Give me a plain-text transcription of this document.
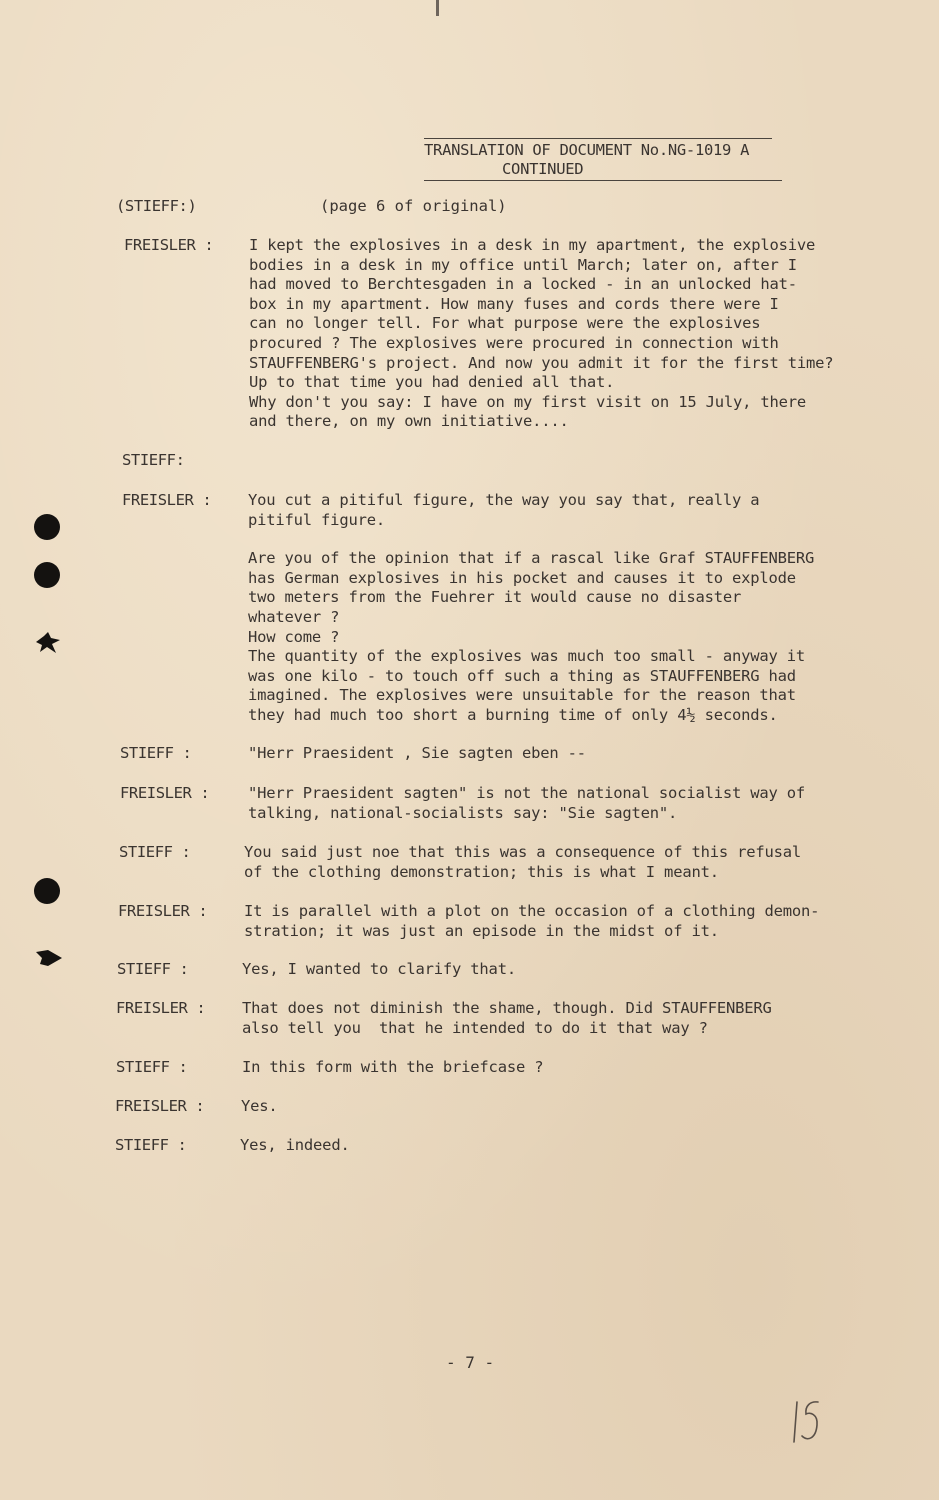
TRANSLATION OF DOCUMENT No.NG-1019 A
CONTINUED
(STIEFF:)	(page 6 of original)
FREISLER :	I kept the explosives in a desk in my apartment, the explosive
bodies in a desk in my office until March; later on, after I
had moved to Berchtesgaden in a locked - in an unlocked hat-
box in my apartment. How many fuses and cords there were I
can no longer tell. For what purpose were the explosives
procured ? The explosives were procured in connection with
STAUFFENBERG's project. And now you admit it for the first time?
Up to that time you had denied all that.
Why don't you say: I have on my first visit on 15 July, there
and there, on my own initiative....

STIEFF:
FREISLER :	You cut a pitiful figure, the way you say that, really a
pitiful figure.

Are you of the opinion that if a rascal like Graf STAUFFENBERG
has German explosives in his pocket and causes it to explode
two meters from the Fuehrer it would cause no disaster
whatever ?
How come ?
The quantity of the explosives was much too small - anyway it
was one kilo - to touch off such a thing as STAUFFENBERG had
imagined. The explosives were unsuitable for the reason that
they had much too short a burning time of only 4½ seconds.

STIEFF :	"Herr Praesident , Sie sagten eben --

FREISLER :	"Herr Praesident sagten" is not the national socialist way of
talking, national-socialists say: "Sie sagten".

STIEFF :	You said just noe that this was a consequence of this refusal
of the clothing demonstration; this is what I meant.

FREISLER :	It is parallel with a plot on the occasion of a clothing demon-
stration; it was just an episode in the midst of it.

STIEFF :	Yes, I wanted to clarify that.

FREISLER :	That does not diminish the shame, though. Did STAUFFENBERG
also tell you  that he intended to do it that way ?

STIEFF :	In this form with the briefcase ?

FREISLER :	Yes.

STIEFF :	Yes, indeed.

- 7 -
